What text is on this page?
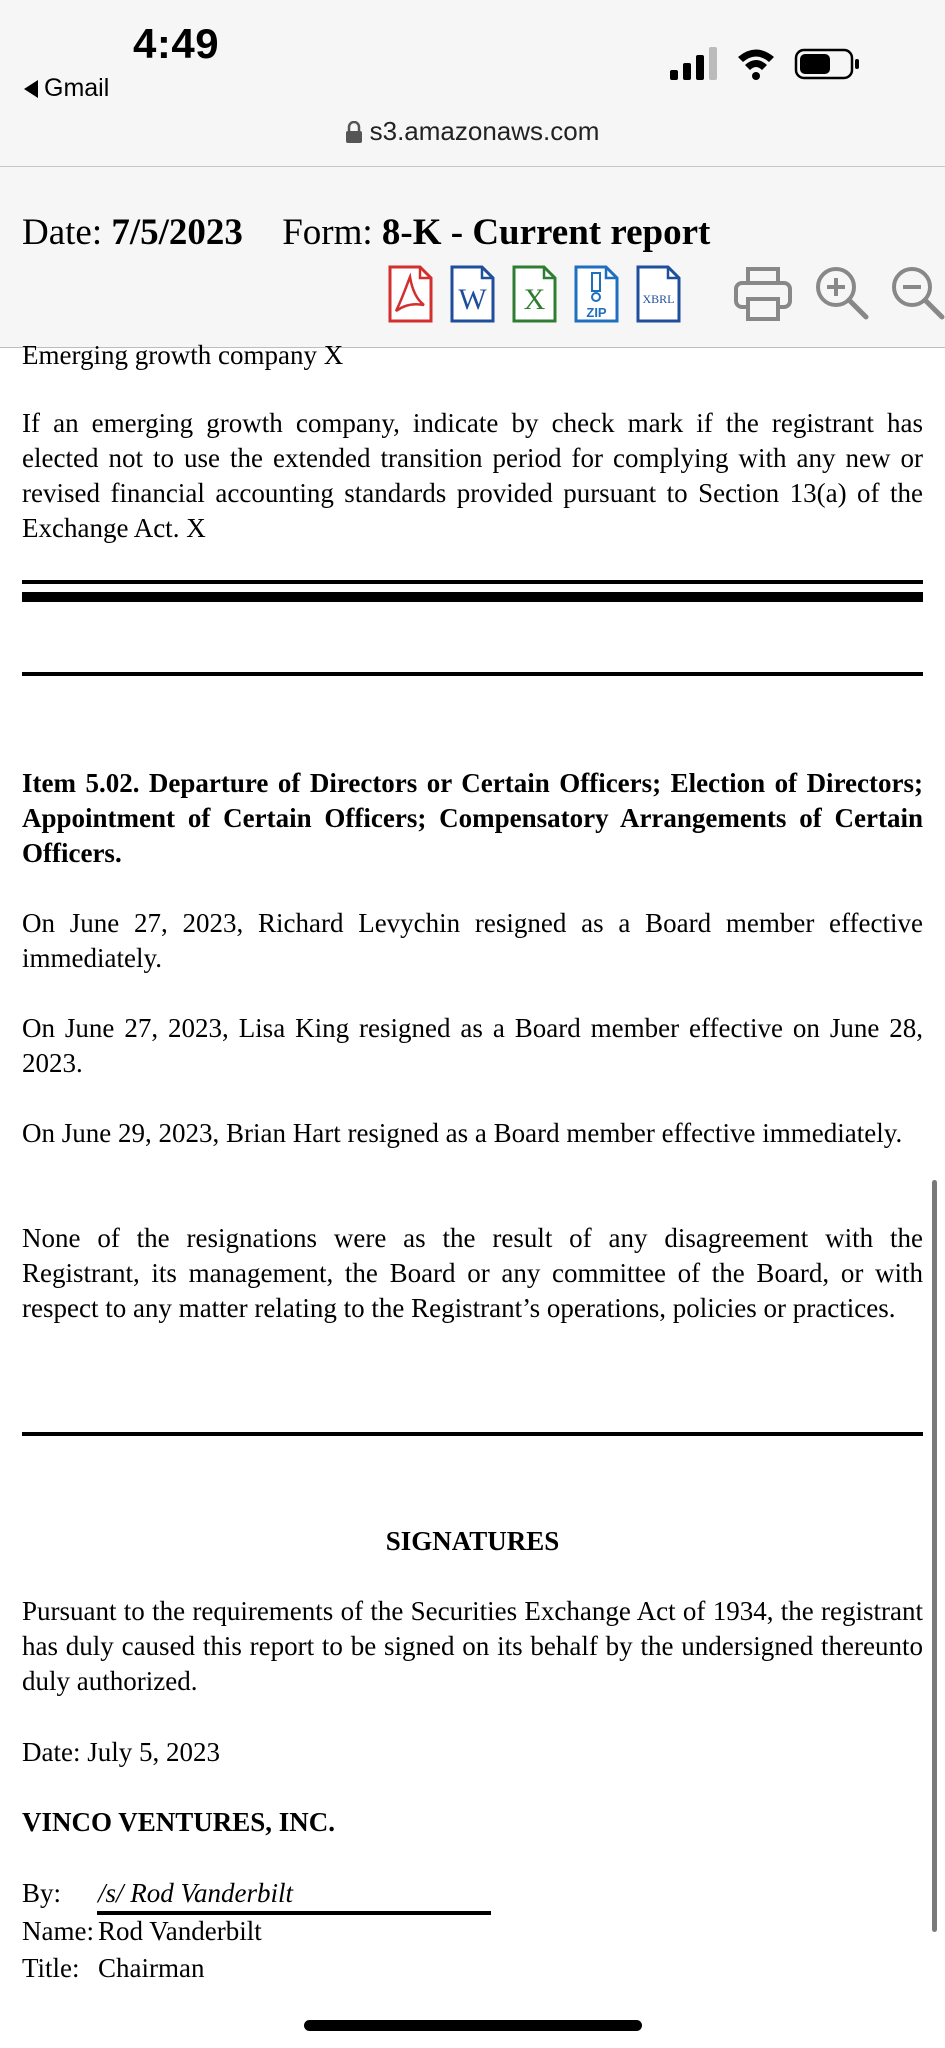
4:49
Gmail
s3.amazonaws.com
Date: 7/5/2023 Form: 8-K - Current report
W X	ZIP
XBRL

Emerging growth company X

If an emerging growth company, indicate by check mark if the registrant has elected not to use the extended transition period for complying with any new or revised financial accounting standards provided pursuant to Section 13(a) of the Exchange Act. X

Item 5.02. Departure of Directors or Certain Officers; Election of Directors; Appointment of Certain Officers; Compensatory Arrangements of Certain Officers.

On June 27, 2023, Richard Levychin resigned as a Board member effective immediately.

On June 27, 2023, Lisa King resigned as a Board member effective on June 28, 2023.

On June 29, 2023, Brian Hart resigned as a Board member effective immediately.

None of the resignations were as the result of any disagreement with the Registrant, its management, the Board or any committee of the Board, or with respect to any matter relating to the Registrant’s operations, policies or practices.

SIGNATURES

Pursuant to the requirements of the Securities Exchange Act of 1934, the registrant has duly caused this report to be signed on its behalf by the undersigned thereunto duly authorized.

Date: July 5, 2023

VINCO VENTURES, INC.

By: /s/ Rod Vanderbilt
Name: Rod Vanderbilt
Title: Chairman
